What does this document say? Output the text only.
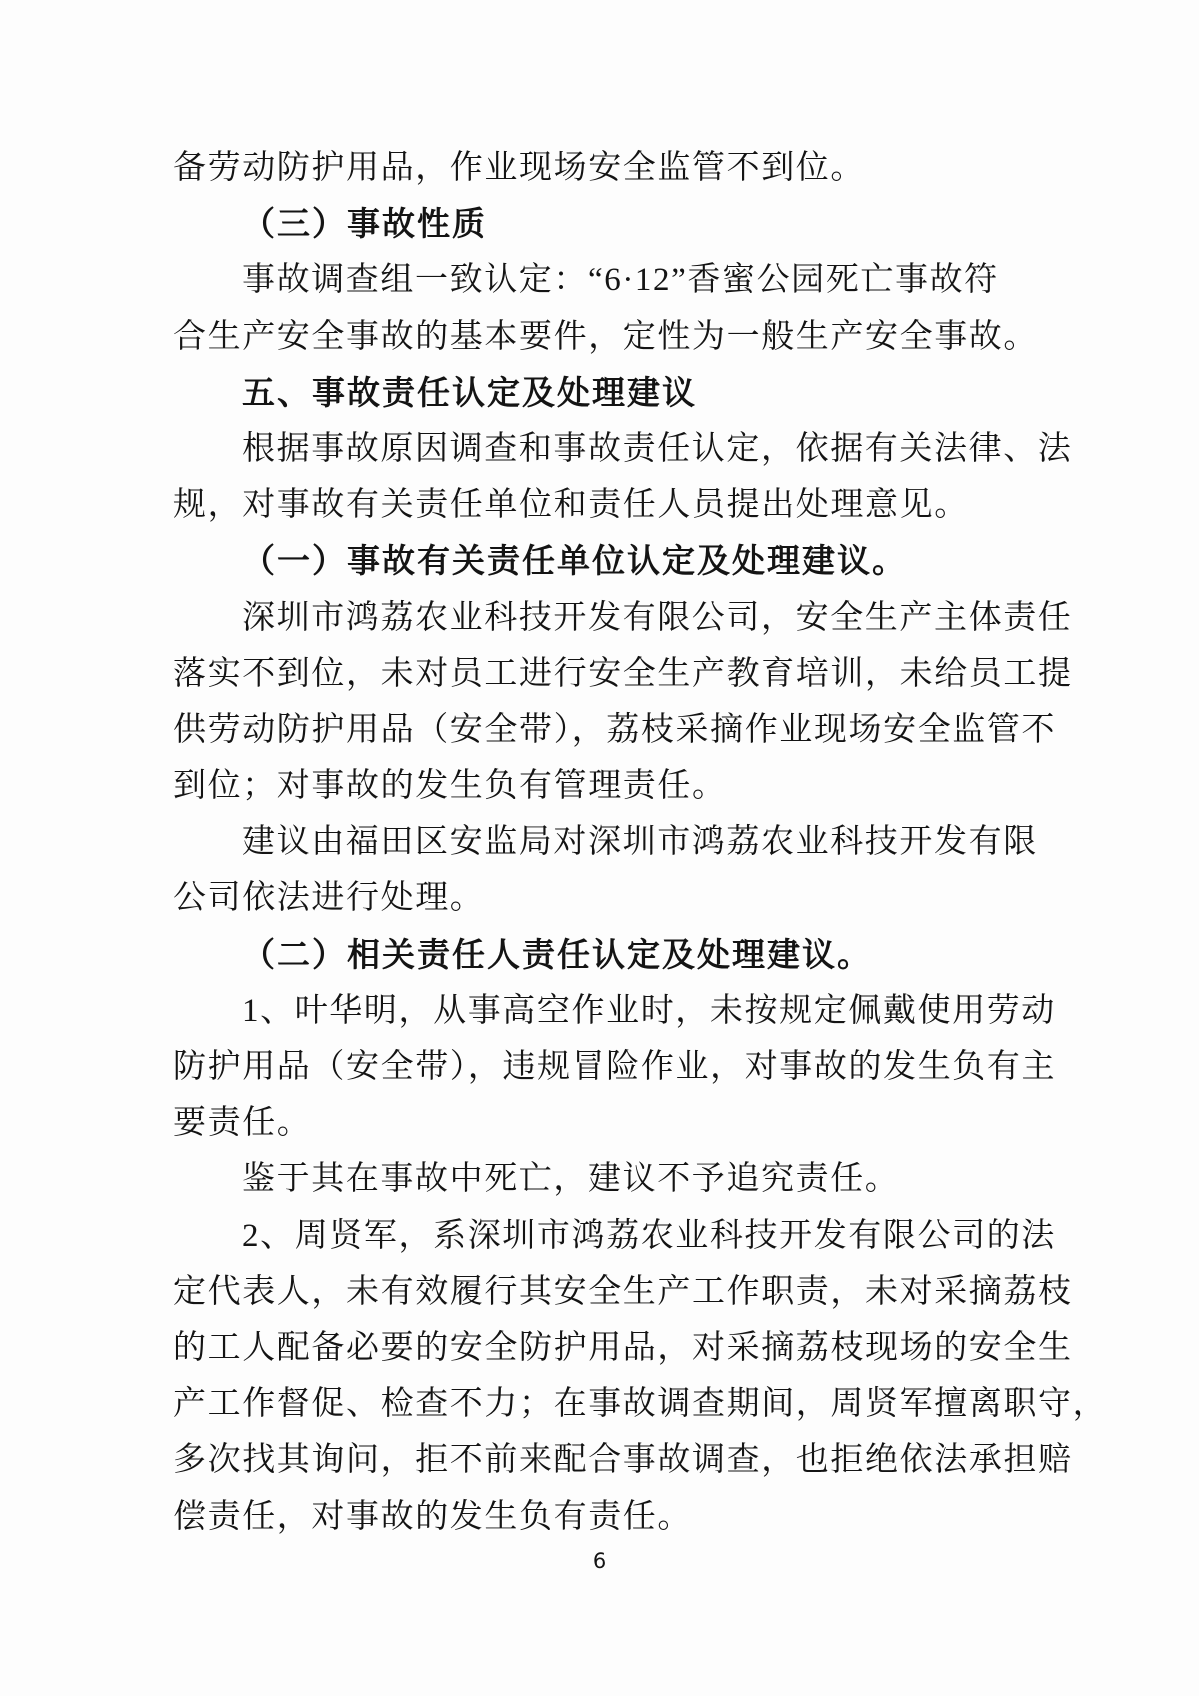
备劳动防护用品，作业现场安全监管不到位。
（三）事故性质
事故调查组一致认定：“6·12”香蜜公园死亡事故符
合生产安全事故的基本要件，定性为一般生产安全事故。
五、事故责任认定及处理建议
根据事故原因调查和事故责任认定，依据有关法律、法
规，对事故有关责任单位和责任人员提出处理意见。
（一）事故有关责任单位认定及处理建议。
深圳市鸿荔农业科技开发有限公司，安全生产主体责任
落实不到位，未对员工进行安全生产教育培训，未给员工提
供劳动防护用品（安全带），荔枝采摘作业现场安全监管不
到位；对事故的发生负有管理责任。
建议由福田区安监局对深圳市鸿荔农业科技开发有限
公司依法进行处理。
（二）相关责任人责任认定及处理建议。
1、叶华明，从事高空作业时，未按规定佩戴使用劳动
防护用品（安全带），违规冒险作业，对事故的发生负有主
要责任。
鉴于其在事故中死亡，建议不予追究责任。
2、周贤军，系深圳市鸿荔农业科技开发有限公司的法
定代表人，未有效履行其安全生产工作职责，未对采摘荔枝
的工人配备必要的安全防护用品，对采摘荔枝现场的安全生
产工作督促、检查不力；在事故调查期间，周贤军擅离职守，
多次找其询问，拒不前来配合事故调查，也拒绝依法承担赔
偿责任，对事故的发生负有责任。
6
